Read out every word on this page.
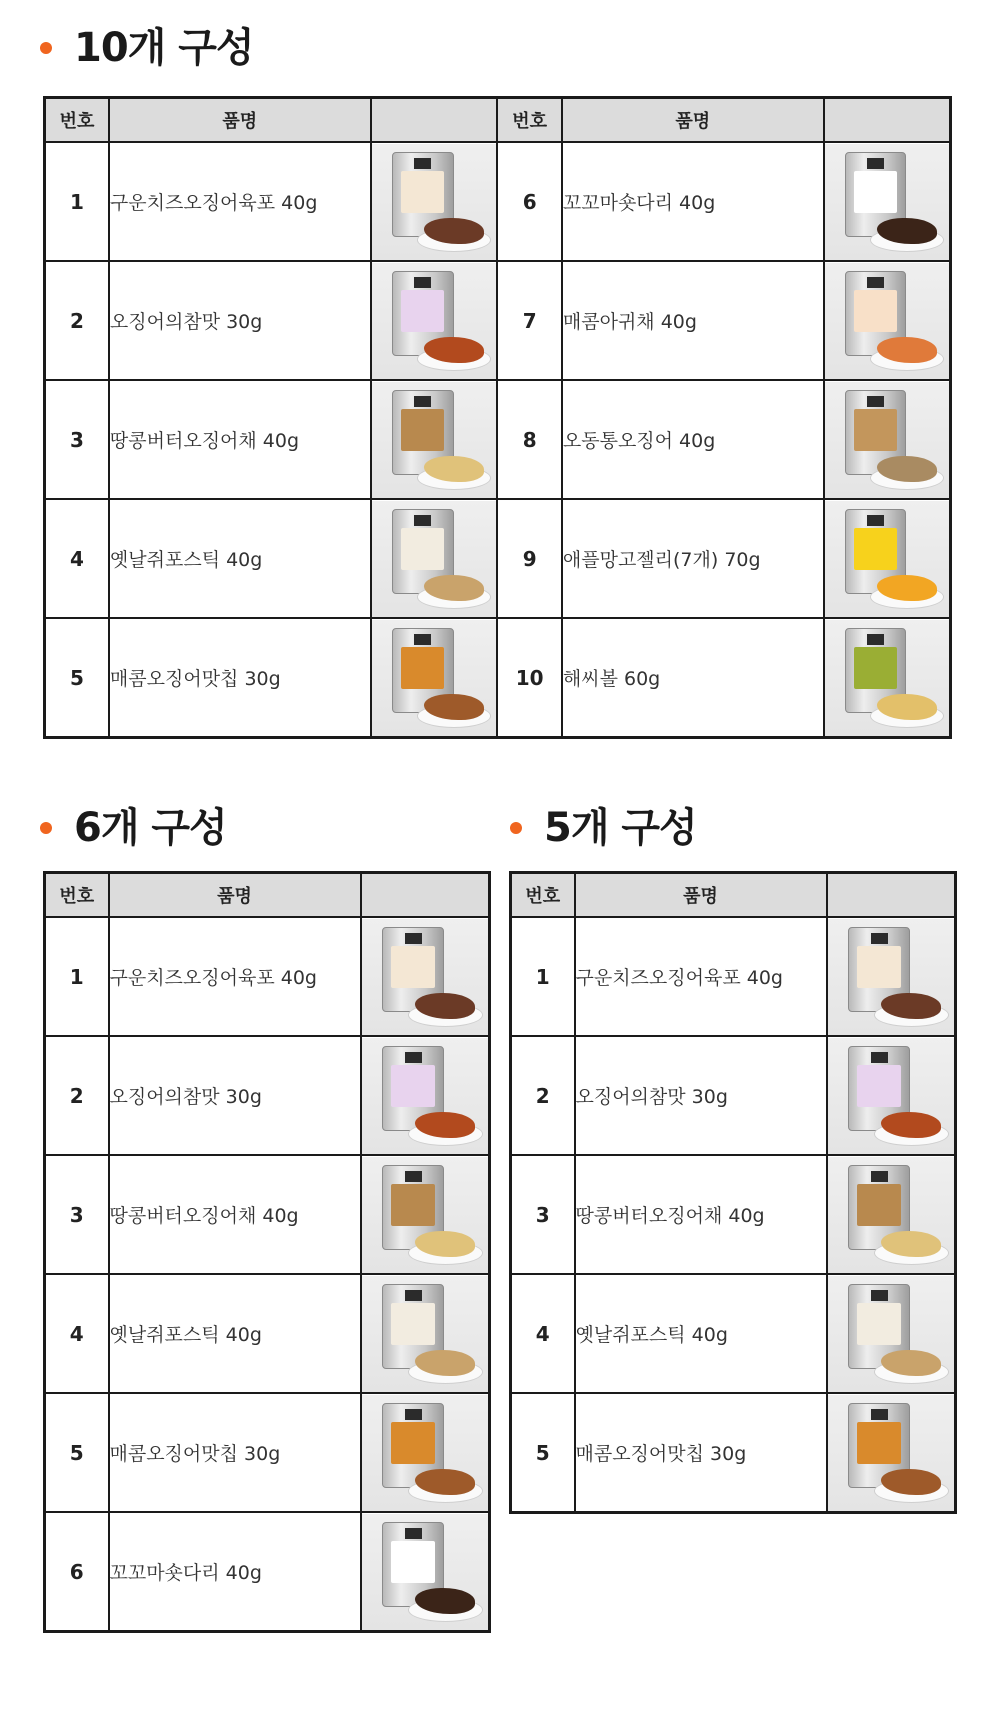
10개 구성
번호	품명		번호	품명	
1	구운치즈오징어육포 40g		6	꼬꼬마숏다리 40g	

2	오징어의참맛 30g		7	매콤아귀채 40g	

3	땅콩버터오징어채 40g		8	오동통오징어 40g	

4	옛날쥐포스틱 40g		9	애플망고젤리(7개) 70g	

5	매콤오징어맛칩 30g		10	해씨볼 60g	
6개 구성
번호	품명	
1	구운치즈오징어육포 40g	

2	오징어의참맛 30g	

3	땅콩버터오징어채 40g	

4	옛날쥐포스틱 40g	

5	매콤오징어맛칩 30g	

6	꼬꼬마숏다리 40g	
5개 구성
번호	품명	
1	구운치즈오징어육포 40g	

2	오징어의참맛 30g	

3	땅콩버터오징어채 40g	

4	옛날쥐포스틱 40g	

5	매콤오징어맛칩 30g	
